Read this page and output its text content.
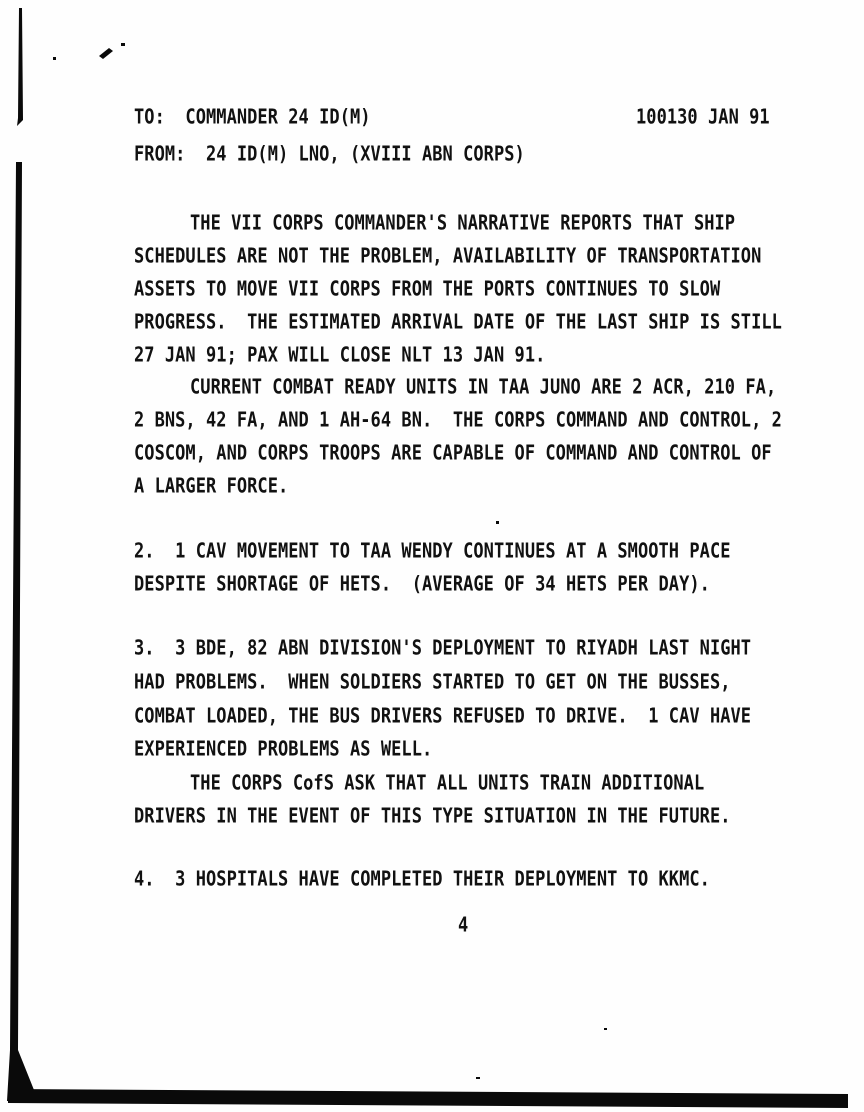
TO:  COMMANDER 24 ID(M)	100130 JAN 91
FROM:  24 ID(M) LNO, (XVIII ABN CORPS)
THE VII CORPS COMMANDER'S NARRATIVE REPORTS THAT SHIP
SCHEDULES ARE NOT THE PROBLEM, AVAILABILITY OF TRANSPORTATION
ASSETS TO MOVE VII CORPS FROM THE PORTS CONTINUES TO SLOW
PROGRESS.  THE ESTIMATED ARRIVAL DATE OF THE LAST SHIP IS STILL
27 JAN 91; PAX WILL CLOSE NLT 13 JAN 91.
CURRENT COMBAT READY UNITS IN TAA JUNO ARE 2 ACR, 210 FA,
2 BNS, 42 FA, AND 1 AH-64 BN.  THE CORPS COMMAND AND CONTROL, 2
COSCOM, AND CORPS TROOPS ARE CAPABLE OF COMMAND AND CONTROL OF
A LARGER FORCE.
2.  1 CAV MOVEMENT TO TAA WENDY CONTINUES AT A SMOOTH PACE
DESPITE SHORTAGE OF HETS.  (AVERAGE OF 34 HETS PER DAY).
3.  3 BDE, 82 ABN DIVISION'S DEPLOYMENT TO RIYADH LAST NIGHT
HAD PROBLEMS.  WHEN SOLDIERS STARTED TO GET ON THE BUSSES,
COMBAT LOADED, THE BUS DRIVERS REFUSED TO DRIVE.  1 CAV HAVE
EXPERIENCED PROBLEMS AS WELL.
THE CORPS CofS ASK THAT ALL UNITS TRAIN ADDITIONAL
DRIVERS IN THE EVENT OF THIS TYPE SITUATION IN THE FUTURE.
4.  3 HOSPITALS HAVE COMPLETED THEIR DEPLOYMENT TO KKMC.
4
